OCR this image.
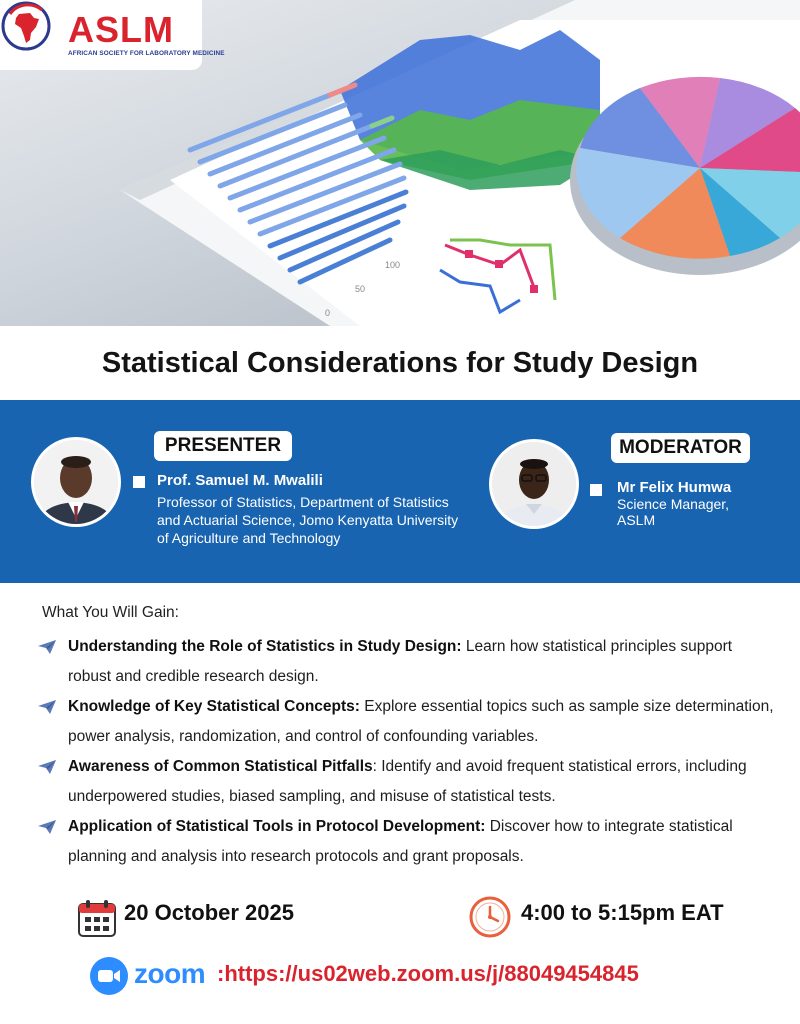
0
50
100
ASLM
AFRICAN SOCIETY FOR LABORATORY MEDICINE
Statistical Considerations for Study Design
PRESENTER
Prof. Samuel M. Mwalili
Professor of Statistics, Department of Statistics
and Actuarial Science, Jomo Kenyatta University
of Agriculture and Technology
MODERATOR
Mr Felix Humwa
Science Manager,
ASLM
What You Will Gain:
Understanding the Role of Statistics in Study Design: Learn how statistical principles support
robust and credible research design.
Knowledge of Key Statistical Concepts: Explore essential topics such as sample size determination,
power analysis, randomization, and control of confounding variables.
Awareness of Common Statistical Pitfalls: Identify and avoid frequent statistical errors, including
underpowered studies, biased sampling, and misuse of statistical tests.
Application of Statistical Tools in Protocol Development: Discover how to integrate statistical
planning and analysis into research protocols and grant proposals.
20 October 2025	4:00 to 5:15pm EAT
zoom :https://us02web.zoom.us/j/88049454845
